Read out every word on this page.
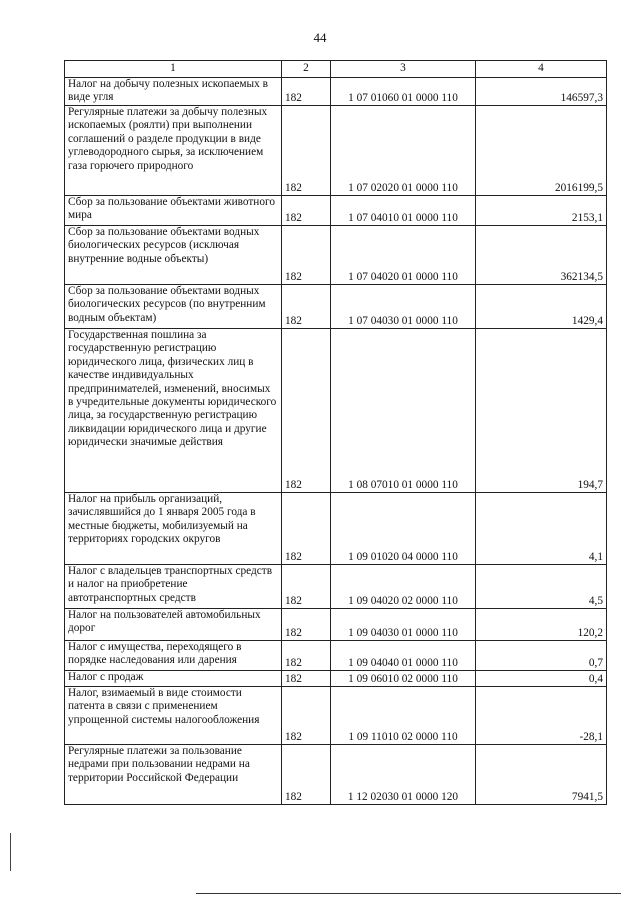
44
1	2	3	4
Налог на добычу полезных ископаемых в виде угля	182	1 07 01060 01 0000 110	146597,3
Регулярные платежи за добычу полезных ископаемых (роялти) при выполнении соглашений о разделе продукции в виде углеводородного сырья, за исключением газа горючего природного	182	1 07 02020 01 0000 110	2016199,5
Сбор за пользование объектами животного мира	182	1 07 04010 01 0000 110	2153,1
Сбор за пользование объектами водных биологических ресурсов (исключая внутренние водные объекты)	182	1 07 04020 01 0000 110	362134,5
Сбор за пользование объектами водных биологических ресурсов (по внутренним водным объектам)	182	1 07 04030 01 0000 110	1429,4
Государственная пошлина за государственную регистрацию юридического лица, физических лиц в качестве индивидуальных предпринимателей, изменений, вносимых в учредительные документы юридического лица, за государственную регистрацию ликвидации юридического лица и другие юридически значимые действия	182	1 08 07010 01 0000 110	194,7
Налог на прибыль организаций, зачислявшийся до 1 января 2005 года в местные бюджеты, мобилизуемый на территориях городских округов	182	1 09 01020 04 0000 110	4,1
Налог с владельцев транспортных средств и налог на приобретение автотранспортных средств	182	1 09 04020 02 0000 110	4,5
Налог на пользователей автомобильных дорог	182	1 09 04030 01 0000 110	120,2
Налог с имущества, переходящего в порядке наследования или дарения	182	1 09 04040 01 0000 110	0,7
Налог с продаж	182	1 09 06010 02 0000 110	0,4
Налог, взимаемый в виде стоимости патента в связи с применением упрощенной системы налогообложения	182	1 09 11010 02 0000 110	-28,1
Регулярные платежи за пользование недрами при пользовании недрами на территории Российской Федерации	182	1 12 02030 01 0000 120	7941,5
